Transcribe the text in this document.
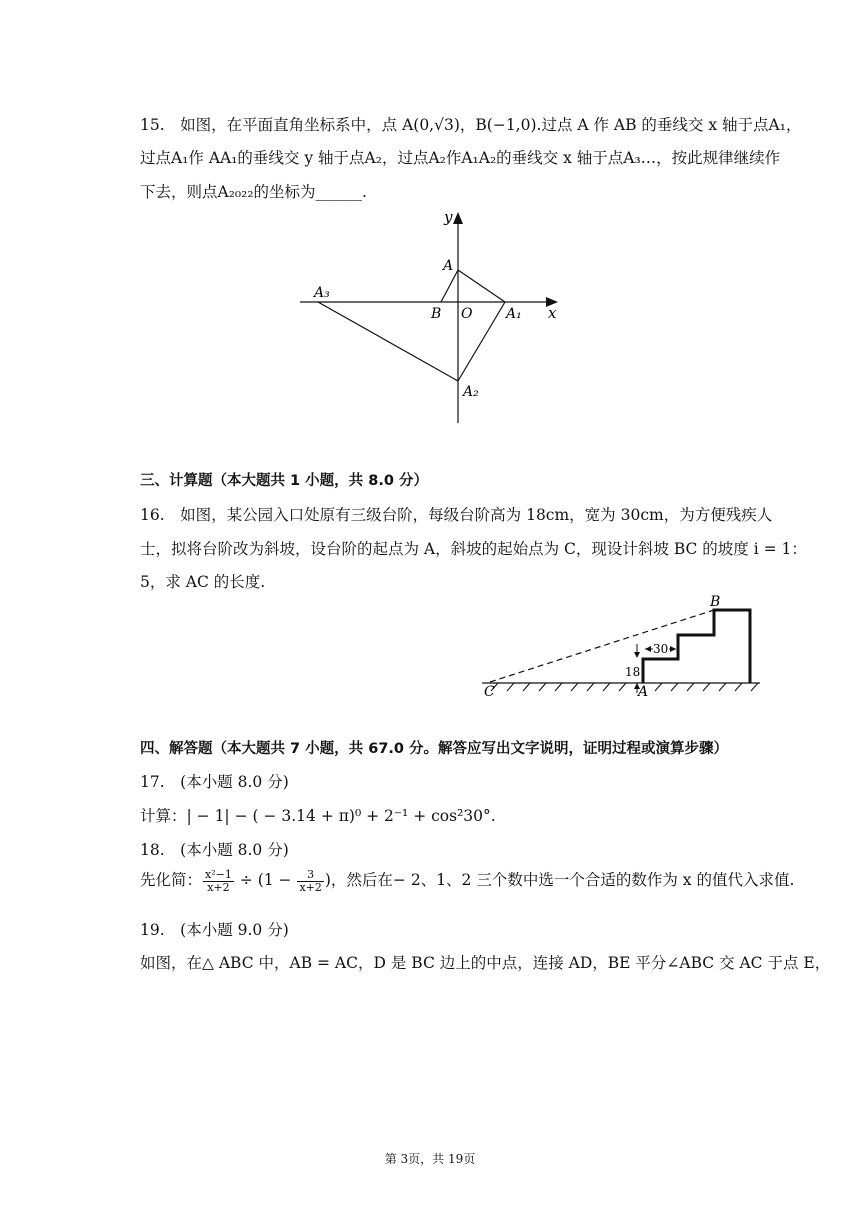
15.　如图，在平面直角坐标系中，点 A(0,√3)，B(−1,0).过点 A 作 AB 的垂线交 x 轴于点A₁，
过点A₁作 AA₁的垂线交 y 轴于点A₂，过点A₂作A₁A₂的垂线交 x 轴于点A₃…，按此规律继续作
下去，则点A₂₀₂₂的坐标为______.
y
A
A₃
B O A₁ x
A₂
三、计算题（本大题共 1 小题，共 8.0 分）
16.　如图，某公园入口处原有三级台阶，每级台阶高为 18cm，宽为 30cm，为方便残疾人
士，拟将台阶改为斜坡，设台阶的起点为 A，斜坡的起始点为 C，现设计斜坡 BC 的坡度 i = 1：
5，求 AC 的长度.
30
18
B
C	A
四、解答题（本大题共 7 小题，共 67.0 分。解答应写出文字说明，证明过程或演算步骤）
17.　(本小题 8.0 分)
计算：| − 1| − ( − 3.14 + π)⁰ + 2⁻¹ + cos²30°.
18.　(本小题 8.0 分)
先化简： $\frac{\text{x²−1}}{x+2} \div (1 - \frac{3}{x+2}$ )，然后在− 2、1、2 三个数中选一个合适的数作为 x 的值代入求值.
19.　(本小题 9.0 分)
如图，在△ ABC 中，AB = AC，D 是 BC 边上的中点，连接 AD，BE 平分∠ABC 交 AC 于点 E，
第 3页，共 19页
